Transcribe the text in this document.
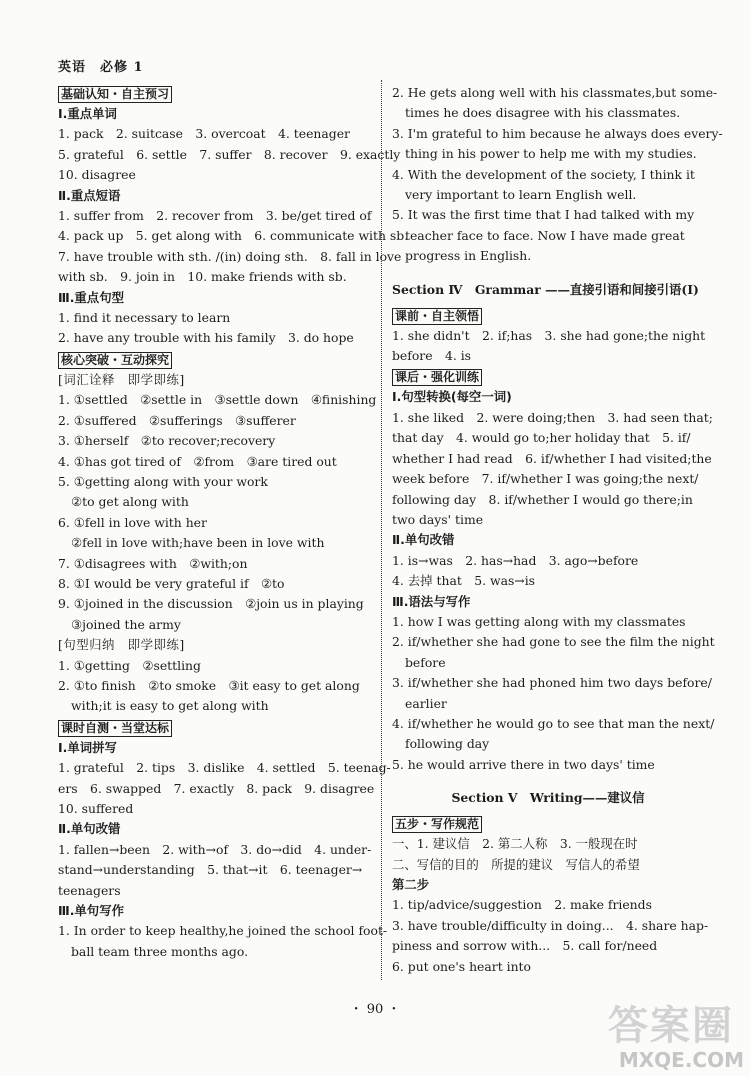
英语　必修 1
基础认知・自主预习
Ⅰ.重点单词
1. pack　2. suitcase　3. overcoat　4. teenager
5. grateful　6. settle　7. suffer　8. recover　9. exactly
10. disagree
Ⅱ.重点短语
1. suffer from　2. recover from　3. be/get tired of
4. pack up　5. get along with　6. communicate with sb.
7. have trouble with sth. /(in) doing sth.　8. fall in love
with sb.　9. join in　10. make friends with sb.
Ⅲ.重点句型
1. find it necessary to learn
2. have any trouble with his family　3. do hope
核心突破・互动探究
[词汇诠释　即学即练]
1. ①settled　②settle in　③settle down　④finishing
2. ①suffered　②sufferings　③sufferer
3. ①herself　②to recover;recovery
4. ①has got tired of　②from　③are tired out
5. ①getting along with your work
②to get along with
6. ①fell in love with her
②fell in love with;have been in love with
7. ①disagrees with　②with;on
8. ①I would be very grateful if　②to
9. ①joined in the discussion　②join us in playing
③joined the army
[句型归纳　即学即练]
1. ①getting　②settling
2. ①to finish　②to smoke　③it easy to get along
with;it is easy to get along with
课时自测・当堂达标
Ⅰ.单词拼写
1. grateful　2. tips　3. dislike　4. settled　5. teenag-
ers　6. swapped　7. exactly　8. pack　9. disagree
10. suffered
Ⅱ.单句改错
1. fallen→been　2. with→of　3. do→did　4. under-
stand→understanding　5. that→it　6. teenager→
teenagers
Ⅲ.单句写作
1. In order to keep healthy,he joined the school foot-
ball team three months ago.
2. He gets along well with his classmates,but some-
times he does disagree with his classmates.
3. I'm grateful to him because he always does every-
thing in his power to help me with my studies.
4. With the development of the society, I think it
very important to learn English well.
5. It was the first time that I had talked with my
teacher face to face. Now I have made great
progress in English.
Section Ⅳ　Grammar ——直接引语和间接引语(Ⅰ)
课前・自主领悟
1. she didn't　2. if;has　3. she had gone;the night
before　4. is
课后・强化训练
Ⅰ.句型转换(每空一词)
1. she liked　2. were doing;then　3. had seen that;
that day　4. would go to;her holiday that　5. if/
whether I had read　6. if/whether I had visited;the
week before　7. if/whether I was going;the next/
following day　8. if/whether I would go there;in
two days' time
Ⅱ.单句改错
1. is→was　2. has→had　3. ago→before
4. 去掉 that　5. was→is
Ⅲ.语法与写作
1. how I was getting along with my classmates
2. if/whether she had gone to see the film the night
before
3. if/whether she had phoned him two days before/
earlier
4. if/whether he would go to see that man the next/
following day
5. he would arrive there in two days' time
Section Ⅴ　Writing——建议信
五步・写作规范
一、1. 建议信　2. 第二人称　3. 一般现在时
二、写信的目的　所提的建议　写信人的希望
第二步
1. tip/advice/suggestion　2. make friends
3. have trouble/difficulty in doing...　4. share hap-
piness and sorrow with...　5. call for/need
6. put one's heart into
・ 90 ・	答案圈
MXQE.COM
